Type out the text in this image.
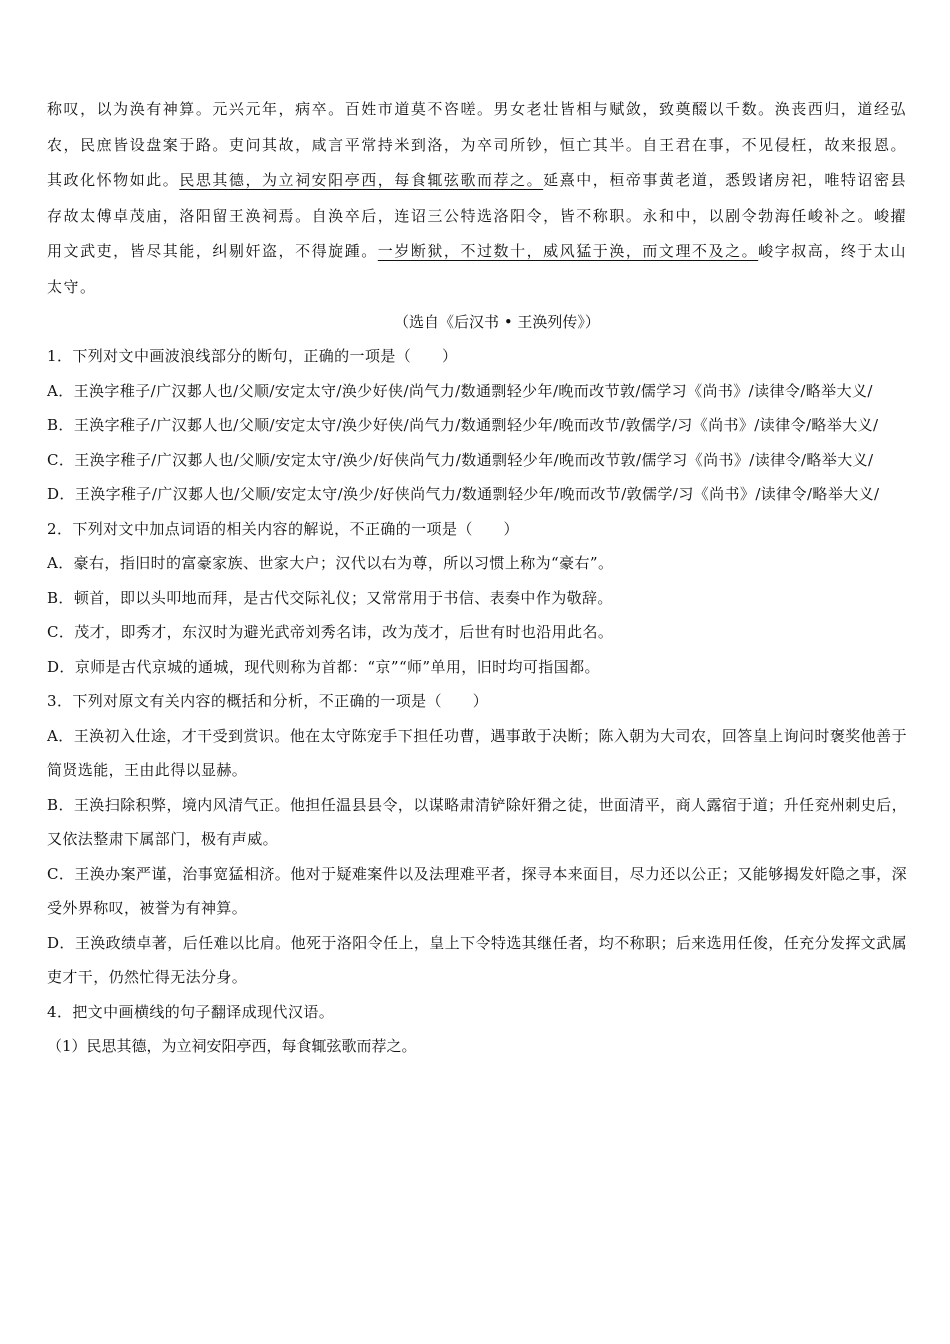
称叹，以为涣有神算。元兴元年，病卒。百姓市道莫不咨嗟。男女老壮皆相与赋敛，致奠醊以千数。涣丧西归，道经弘农，民庶皆设盘案于路。吏问其故，咸言平常持米到洛，为卒司所钞，恒亡其半。自王君在事，不见侵枉，故来报恩。其政化怀物如此。民思其德，为立祠安阳亭西，每食辄弦歌而荐之。延熹中，桓帝事黄老道，悉毁诸房祀，唯特诏密县存故太傅卓茂庙，洛阳留王涣祠焉。自涣卒后，连诏三公特选洛阳令，皆不称职。永和中，以剧令勃海任峻补之。峻擢用文武吏，皆尽其能，纠剔奸盗，不得旋踵。一岁断狱，不过数十，威风猛于涣，而文理不及之。峻字叔高，终于太山太守。

（选自《后汉书 • 王涣列传》）

1．下列对文中画波浪线部分的断句，正确的一项是（　　）

A．王涣字稚子/广汉郪人也/父顺/安定太守/涣少好侠/尚气力/数通剽轻少年/晚而改节敦/儒学习《尚书》/读律令/略举大义/

B．王涣字稚子/广汉郪人也/父顺/安定太守/涣少好侠/尚气力/数通剽轻少年/晚而改节/敦儒学/习《尚书》/读律令/略举大义/

C．王涣字稚子/广汉郪人也/父顺/安定太守/涣少/好侠尚气力/数通剽轻少年/晚而改节敦/儒学习《尚书》/读律令/略举大义/

D．王涣字稚子/广汉郪人也/父顺/安定太守/涣少/好侠尚气力/数通剽轻少年/晚而改节/敦儒学/习《尚书》/读律令/略举大义/

2．下列对文中加点词语的相关内容的解说，不正确的一项是（　　）

A．豪右，指旧时的富豪家族、世家大户；汉代以右为尊，所以习惯上称为“豪右”。

B．顿首，即以头叩地而拜，是古代交际礼仪；又常常用于书信、表奏中作为敬辞。

C．茂才，即秀才，东汉时为避光武帝刘秀名讳，改为茂才，后世有时也沿用此名。

D．京师是古代京城的通城，现代则称为首都：“京”“师”单用，旧时均可指国都。

3．下列对原文有关内容的概括和分析，不正确的一项是（　　）

A．王涣初入仕途，才干受到赏识。他在太守陈宠手下担任功曹，遇事敢于决断；陈入朝为大司农，回答皇上询问时褒奖他善于简贤选能，王由此得以显赫。

B．王涣扫除积弊，境内风清气正。他担任温县县令，以谋略肃清铲除奸猾之徒，世面清平，商人露宿于道；升任兖州刺史后，又依法整肃下属部门，极有声威。

C．王涣办案严谨，治事宽猛相济。他对于疑难案件以及法理难平者，探寻本来面目，尽力还以公正；又能够揭发奸隐之事，深受外界称叹，被誉为有神算。

D．王涣政绩卓著，后任难以比肩。他死于洛阳令任上，皇上下令特选其继任者，均不称职；后来选用任俊，任充分发挥文武属吏才干，仍然忙得无法分身。

4．把文中画横线的句子翻译成现代汉语。

（1）民思其德，为立祠安阳亭西，每食辄弦歌而荐之。
